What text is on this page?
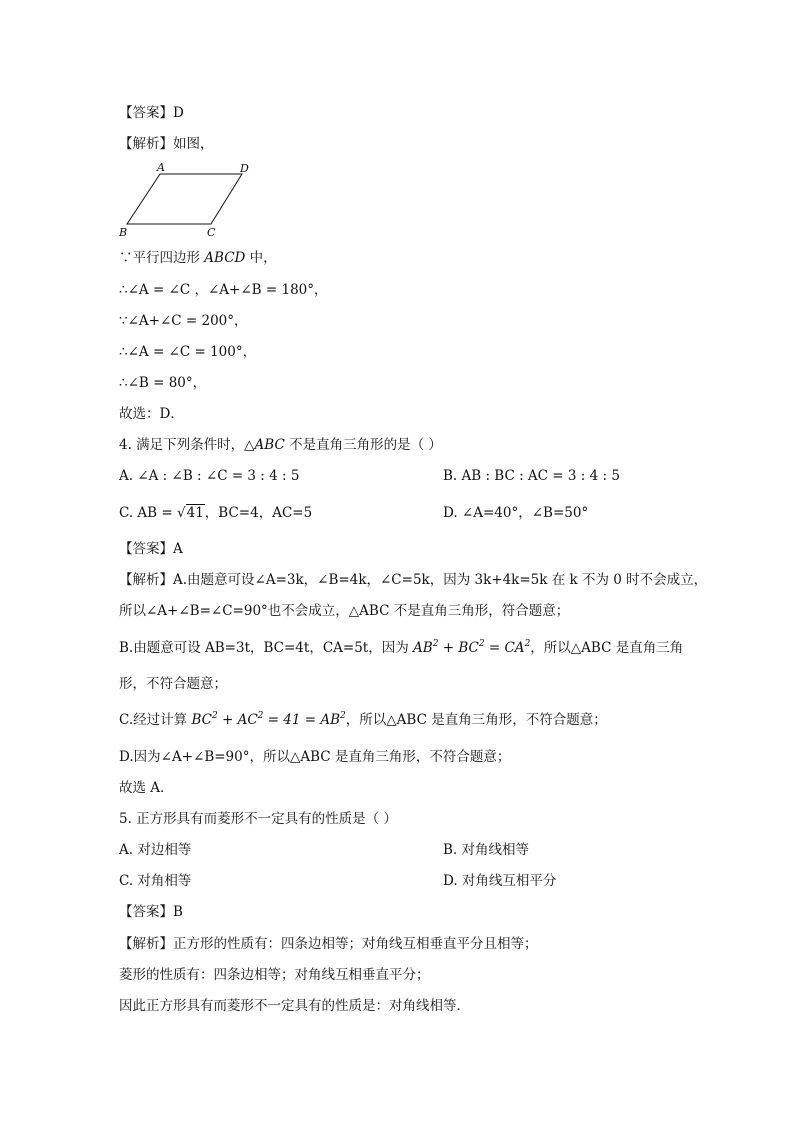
【答案】D
【解析】如图，
A	D
B	C
∵平行四边形 ABCD 中，
∴∠A = ∠C ，∠A+∠B = 180°，
∵∠A+∠C = 200°，
∴∠A = ∠C = 100°，
∴∠B = 80°，
故选：D．
4. 满足下列条件时，△ABC 不是直角三角形的是（ ）
A. ∠A : ∠B : ∠C = 3 : 4 : 5	B. AB : BC : AC = 3 : 4 : 5
C. AB = √41，BC=4，AC=5	D. ∠A=40°，∠B=50°
【答案】A
【解析】A.由题意可设∠A=3k，∠B=4k，∠C=5k，因为 3k+4k=5k 在 k 不为 0 时不会成立，
所以∠A+∠B=∠C=90°也不会成立，△ABC 不是直角三角形，符合题意；
B.由题意可设 AB=3t，BC=4t，CA=5t，因为 $AB^2 + BC^2 = CA^2$，所以△ABC 是直角三角
形，不符合题意；
C.经过计算 $BC^2 + AC^2 = 41 = AB^2$，所以△ABC 是直角三角形，不符合题意；
D.因为∠A+∠B=90°，所以△ABC 是直角三角形，不符合题意；
故选 A．
5. 正方形具有而菱形不一定具有的性质是（ ）
A. 对边相等	B. 对角线相等
C. 对角相等	D. 对角线互相平分
【答案】B
【解析】正方形的性质有：四条边相等；对角线互相垂直平分且相等；
菱形的性质有：四条边相等；对角线互相垂直平分；
因此正方形具有而菱形不一定具有的性质是：对角线相等．
